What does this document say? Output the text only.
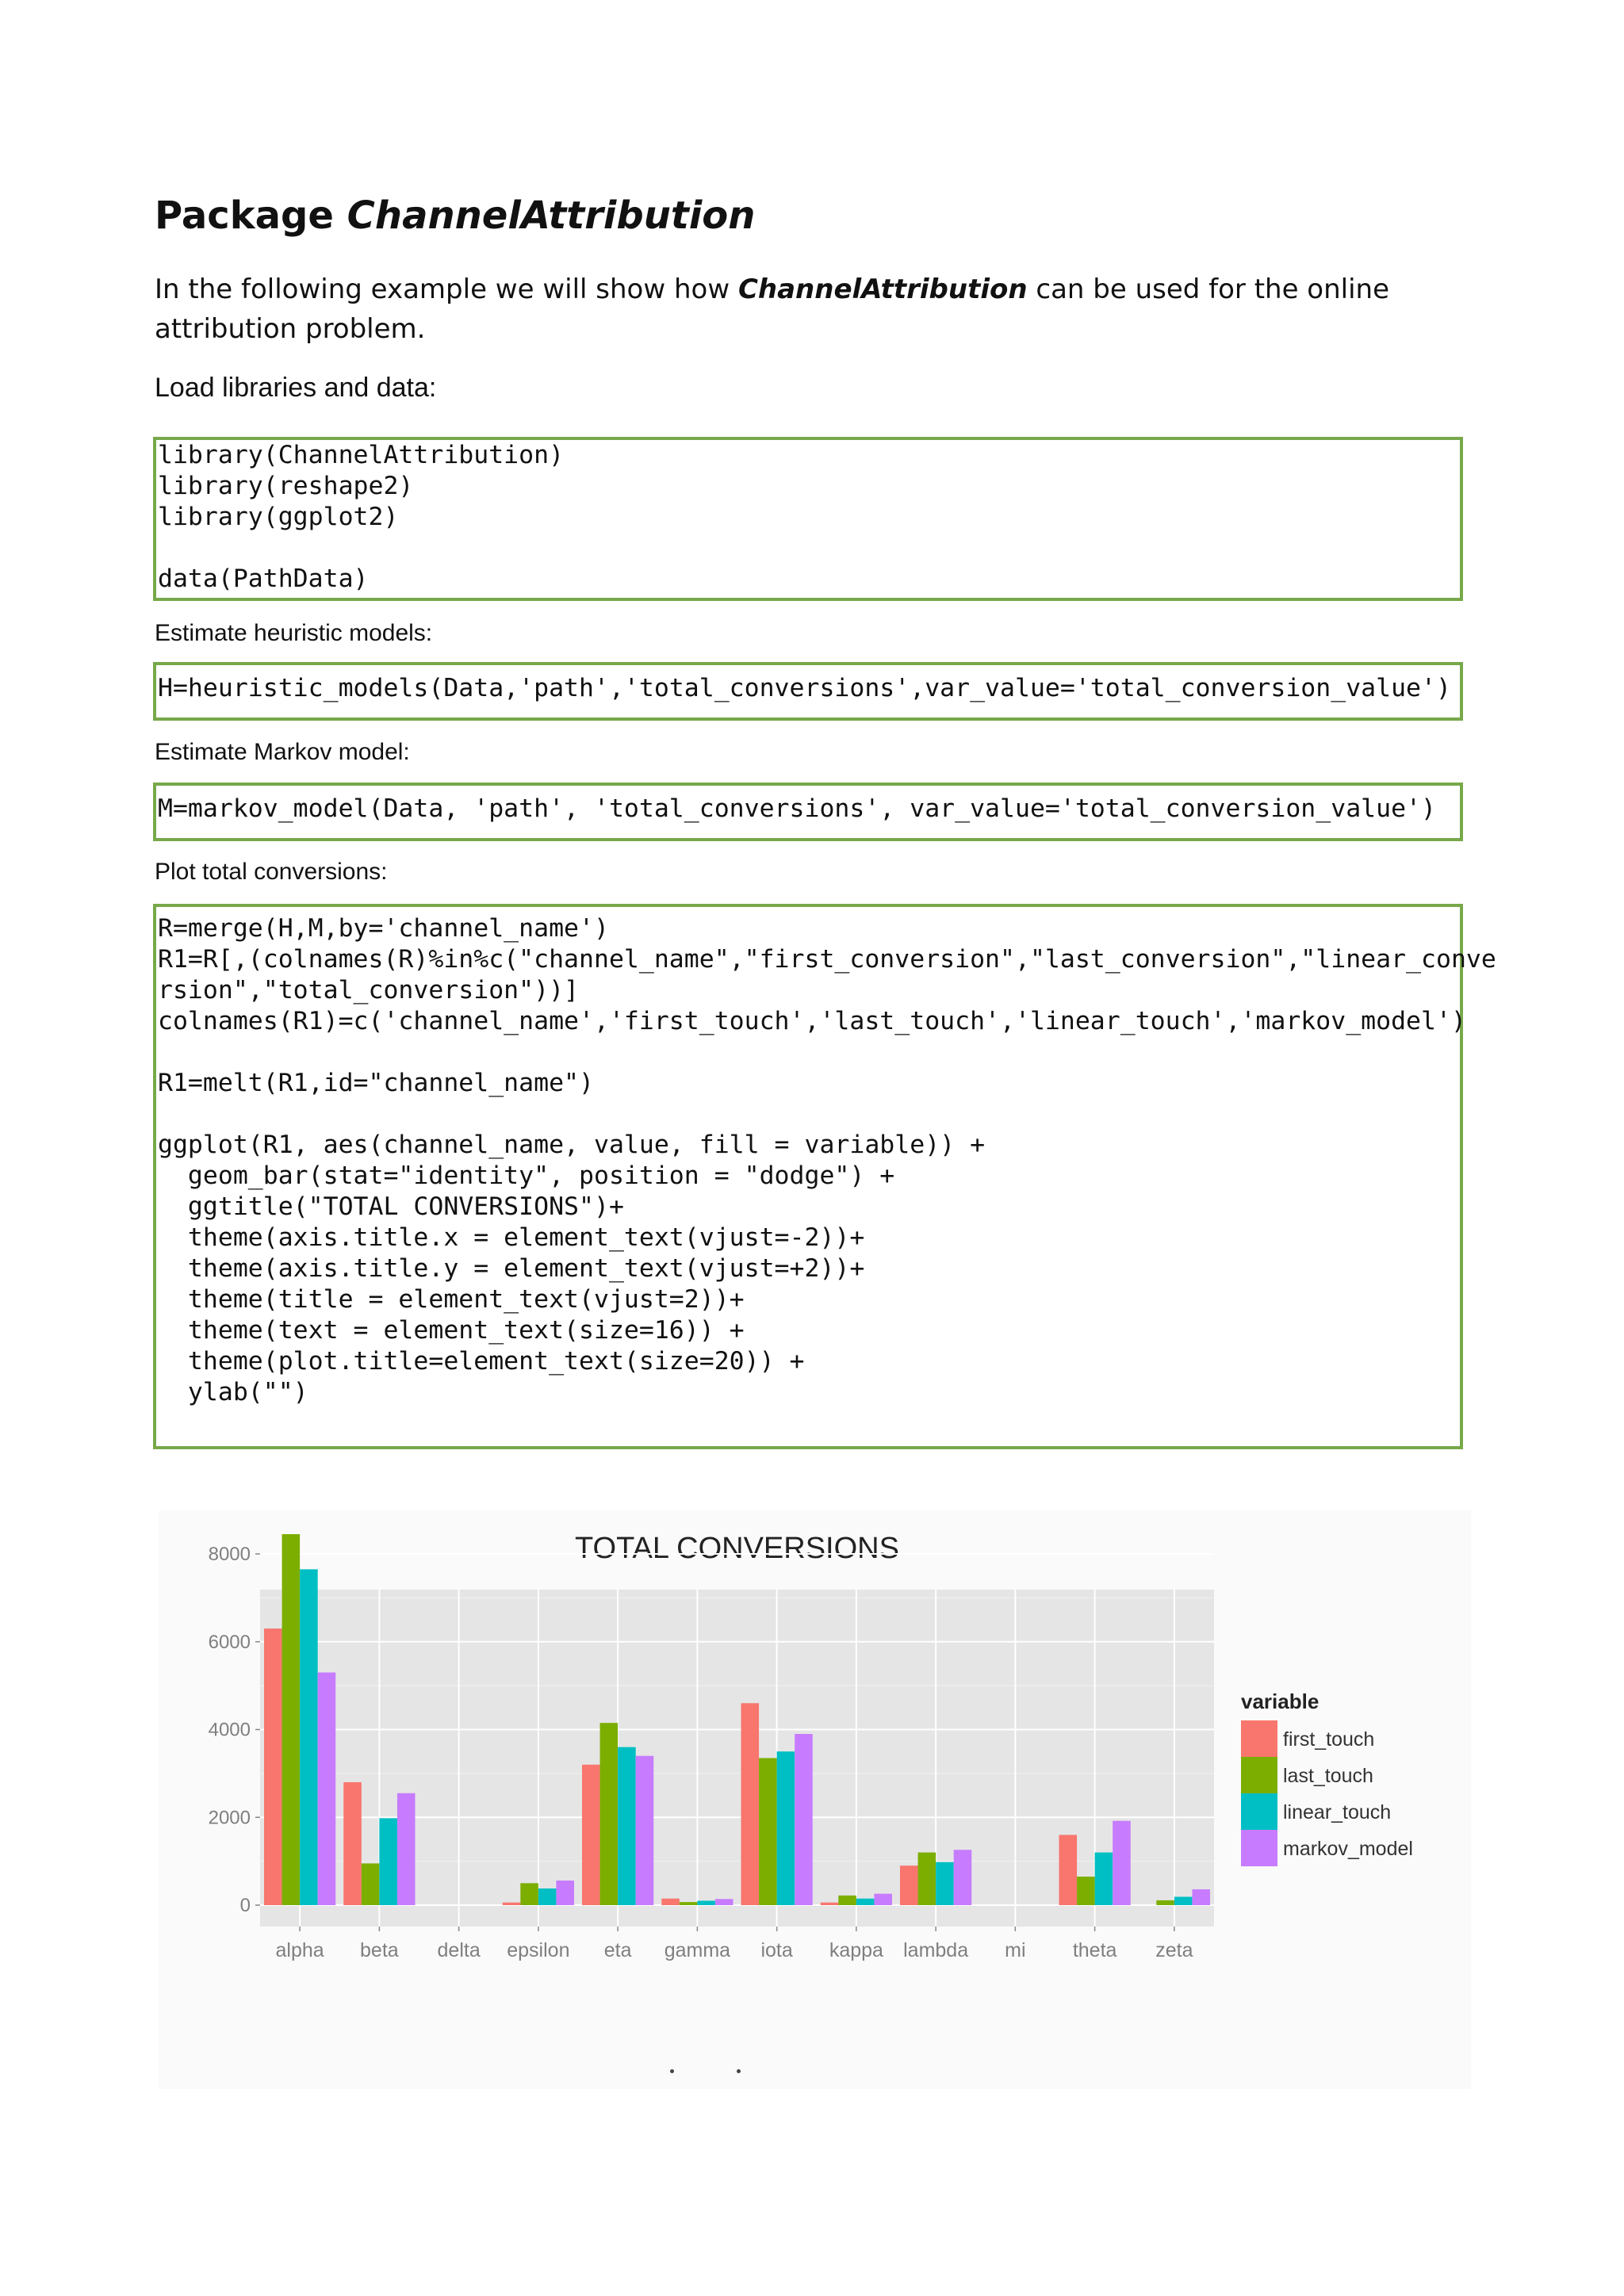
Package ChannelAttribution

In the following example we will show how ChannelAttribution can be used for the online attribution problem.

Load libraries and data:

library(ChannelAttribution)
library(reshape2)
library(ggplot2)

data(PathData)

Estimate heuristic models:

H=heuristic_models(Data,'path','total_conversions',var_value='total_conversion_value')

Estimate Markov model:

M=markov_model(Data, 'path', 'total_conversions', var_value='total_conversion_value')

Plot total conversions:

R=merge(H,M,by='channel_name')
R1=R[,(colnames(R)%in%c("channel_name","first_conversion","last_conversion","linear_conve
rsion","total_conversion"))]
colnames(R1)=c('channel_name','first_touch','last_touch','linear_touch','markov_model')

R1=melt(R1,id="channel_name")

ggplot(R1, aes(channel_name, value, fill = variable)) +
geom_bar(stat="identity", position = "dodge") +
ggtitle("TOTAL CONVERSIONS")+
theme(axis.title.x = element_text(vjust=-2))+
theme(axis.title.y = element_text(vjust=+2))+
theme(title = element_text(vjust=2))+
theme(text = element_text(size=16)) +
theme(plot.title=element_text(size=20)) +
ylab("")
TOTAL CONVERSIONS
0
2000
4000
6000
8000
alpha beta delta epsilon eta gamma iota kappa lambda mi theta zeta
variable
first_touch
last_touch
linear_touch
markov_model
